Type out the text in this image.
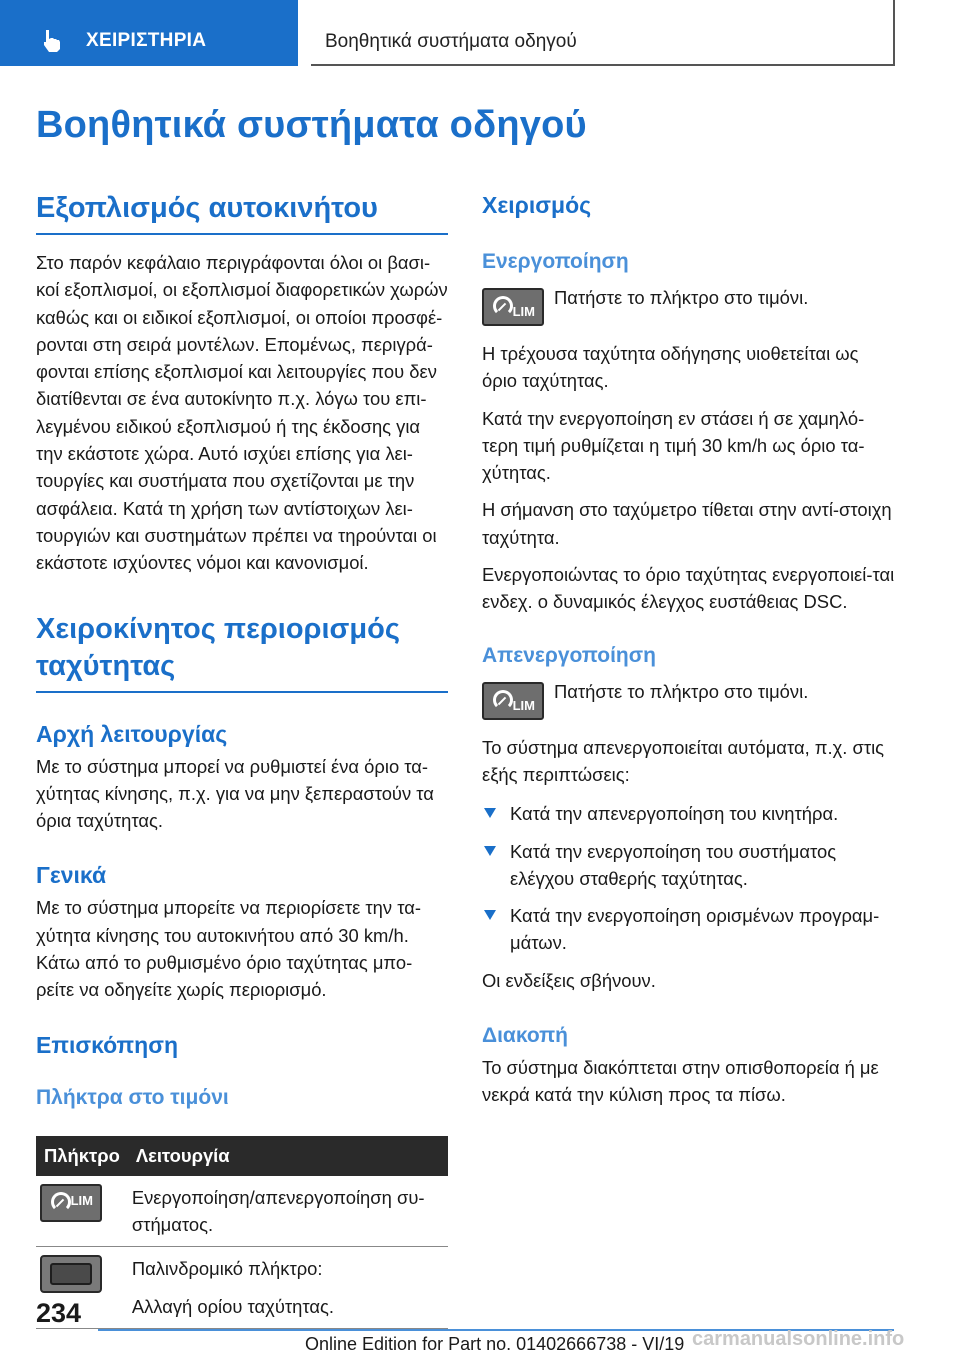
ΧΕΙΡΙΣΤΗΡΙΑ	Βοηθητικά συστήματα οδηγού
Βοηθητικά συστήματα οδηγού
Εξοπλισμός αυτοκινήτου

Στο παρόν κεφάλαιο περιγράφονται όλοι οι βασι-κοί εξοπλισμοί, οι εξοπλισμοί διαφορετικών χωρών καθώς και οι ειδικοί εξοπλισμοί, οι οποίοι προσφέ-ρονται στη σειρά μοντέλων. Επομένως, περιγρά-φονται επίσης εξοπλισμοί και λειτουργίες που δεν διατίθενται σε ένα αυτοκίνητο π.χ. λόγω του επι-λεγμένου ειδικού εξοπλισμού ή της έκδοσης για την εκάστοτε χώρα. Αυτό ισχύει επίσης για λει-τουργίες και συστήματα που σχετίζονται με την ασφάλεια. Κατά τη χρήση των αντίστοιχων λει-τουργιών και συστημάτων πρέπει να τηρούνται οι εκάστοτε ισχύοντες νόμοι και κανονισμοί.

Χειροκίνητος περιορισμός ταχύτητας
Αρχή λειτουργίας

Με το σύστημα μπορεί να ρυθμιστεί ένα όριο τα-χύτητας κίνησης, π.χ. για να μην ξεπεραστούν τα όρια ταχύτητας.

Γενικά

Με το σύστημα μπορείτε να περιορίσετε την τα-χύτητα κίνησης του αυτοκινήτου από 30 km/h. Κάτω από το ρυθμισμένο όριο ταχύτητας μπο-ρείτε να οδηγείτε χωρίς περιορισμό.

Επισκόπηση
Πλήκτρα στο τιμόνι
Πλήκτρο	Λειτουργία

LIM	Ενεργοποίηση/απενεργοποίηση συ-στήματος.

	Παλινδρομικό πλήκτρο:
Αλλαγή ορίου ταχύτητας.
Χειρισμός
Ενεργοποίηση
LIM

Πατήστε το πλήκτρο στο τιμόνι.

Η τρέχουσα ταχύτητα οδήγησης υιοθετείται ως όριο ταχύτητας.

Κατά την ενεργοποίηση εν στάσει ή σε χαμηλό-τερη τιμή ρυθμίζεται η τιμή 30 km/h ως όριο τα-χύτητας.

Η σήμανση στο ταχύμετρο τίθεται στην αντί-στοιχη ταχύτητα.

Ενεργοποιώντας το όριο ταχύτητας ενεργοποιεί-ται ενδεχ. ο δυναμικός έλεγχος ευστάθειας DSC.

Απενεργοποίηση
LIM

Πατήστε το πλήκτρο στο τιμόνι.

Το σύστημα απενεργοποιείται αυτόματα, π.χ. στις εξής περιπτώσεις:

Κατά την απενεργοποίηση του κινητήρα.
Κατά την ενεργοποίηση του συστήματος ελέγχου σταθερής ταχύτητας.
Κατά την ενεργοποίηση ορισμένων προγραμ-μάτων.

Οι ενδείξεις σβήνουν.

Διακοπή

Το σύστημα διακόπτεται στην οπισθοπορεία ή με νεκρά κατά την κύλιση προς τα πίσω.

234
Online Edition for Part no. 01402666738 - VI/19 carmanualsonline.info
